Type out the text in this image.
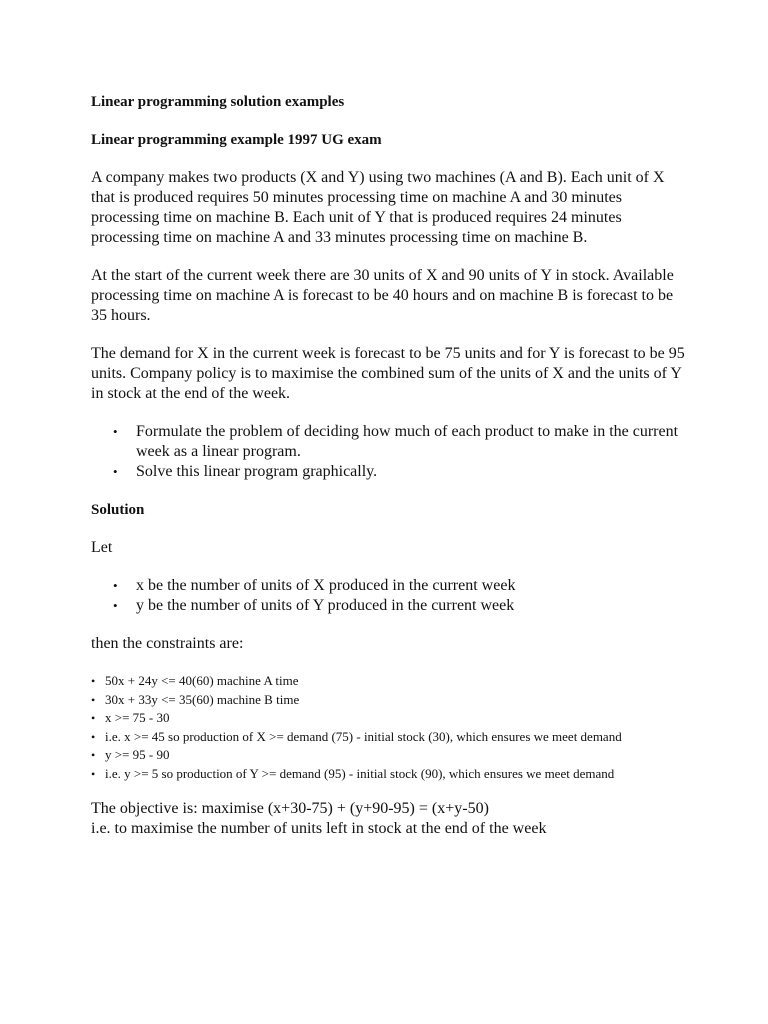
Linear programming solution examples

Linear programming example 1997 UG exam

A company makes two products (X and Y) using two machines (A and B). Each unit of X that is produced requires 50 minutes processing time on machine A and 30 minutes processing time on machine B. Each unit of Y that is produced requires 24 minutes processing time on machine A and 33 minutes processing time on machine B.

At the start of the current week there are 30 units of X and 90 units of Y in stock. Available processing time on machine A is forecast to be 40 hours and on machine B is forecast to be 35 hours.

The demand for X in the current week is forecast to be 75 units and for Y is forecast to be 95 units. Company policy is to maximise the combined sum of the units of X and the units of Y in stock at the end of the week.

• Formulate the problem of deciding how much of each product to make in the current week as a linear program.
• Solve this linear program graphically.

Solution

Let

• x be the number of units of X produced in the current week
• y be the number of units of Y produced in the current week

then the constraints are:

• 50x + 24y <= 40(60) machine A time
• 30x + 33y <= 35(60) machine B time
• x >= 75 - 30
• i.e. x >= 45 so production of X >= demand (75) - initial stock (30), which ensures we meet demand
• y >= 95 - 90
• i.e. y >= 5 so production of Y >= demand (95) - initial stock (90), which ensures we meet demand

The objective is: maximise (x+30-75) + (y+90-95) = (x+y-50)

i.e. to maximise the number of units left in stock at the end of the week
